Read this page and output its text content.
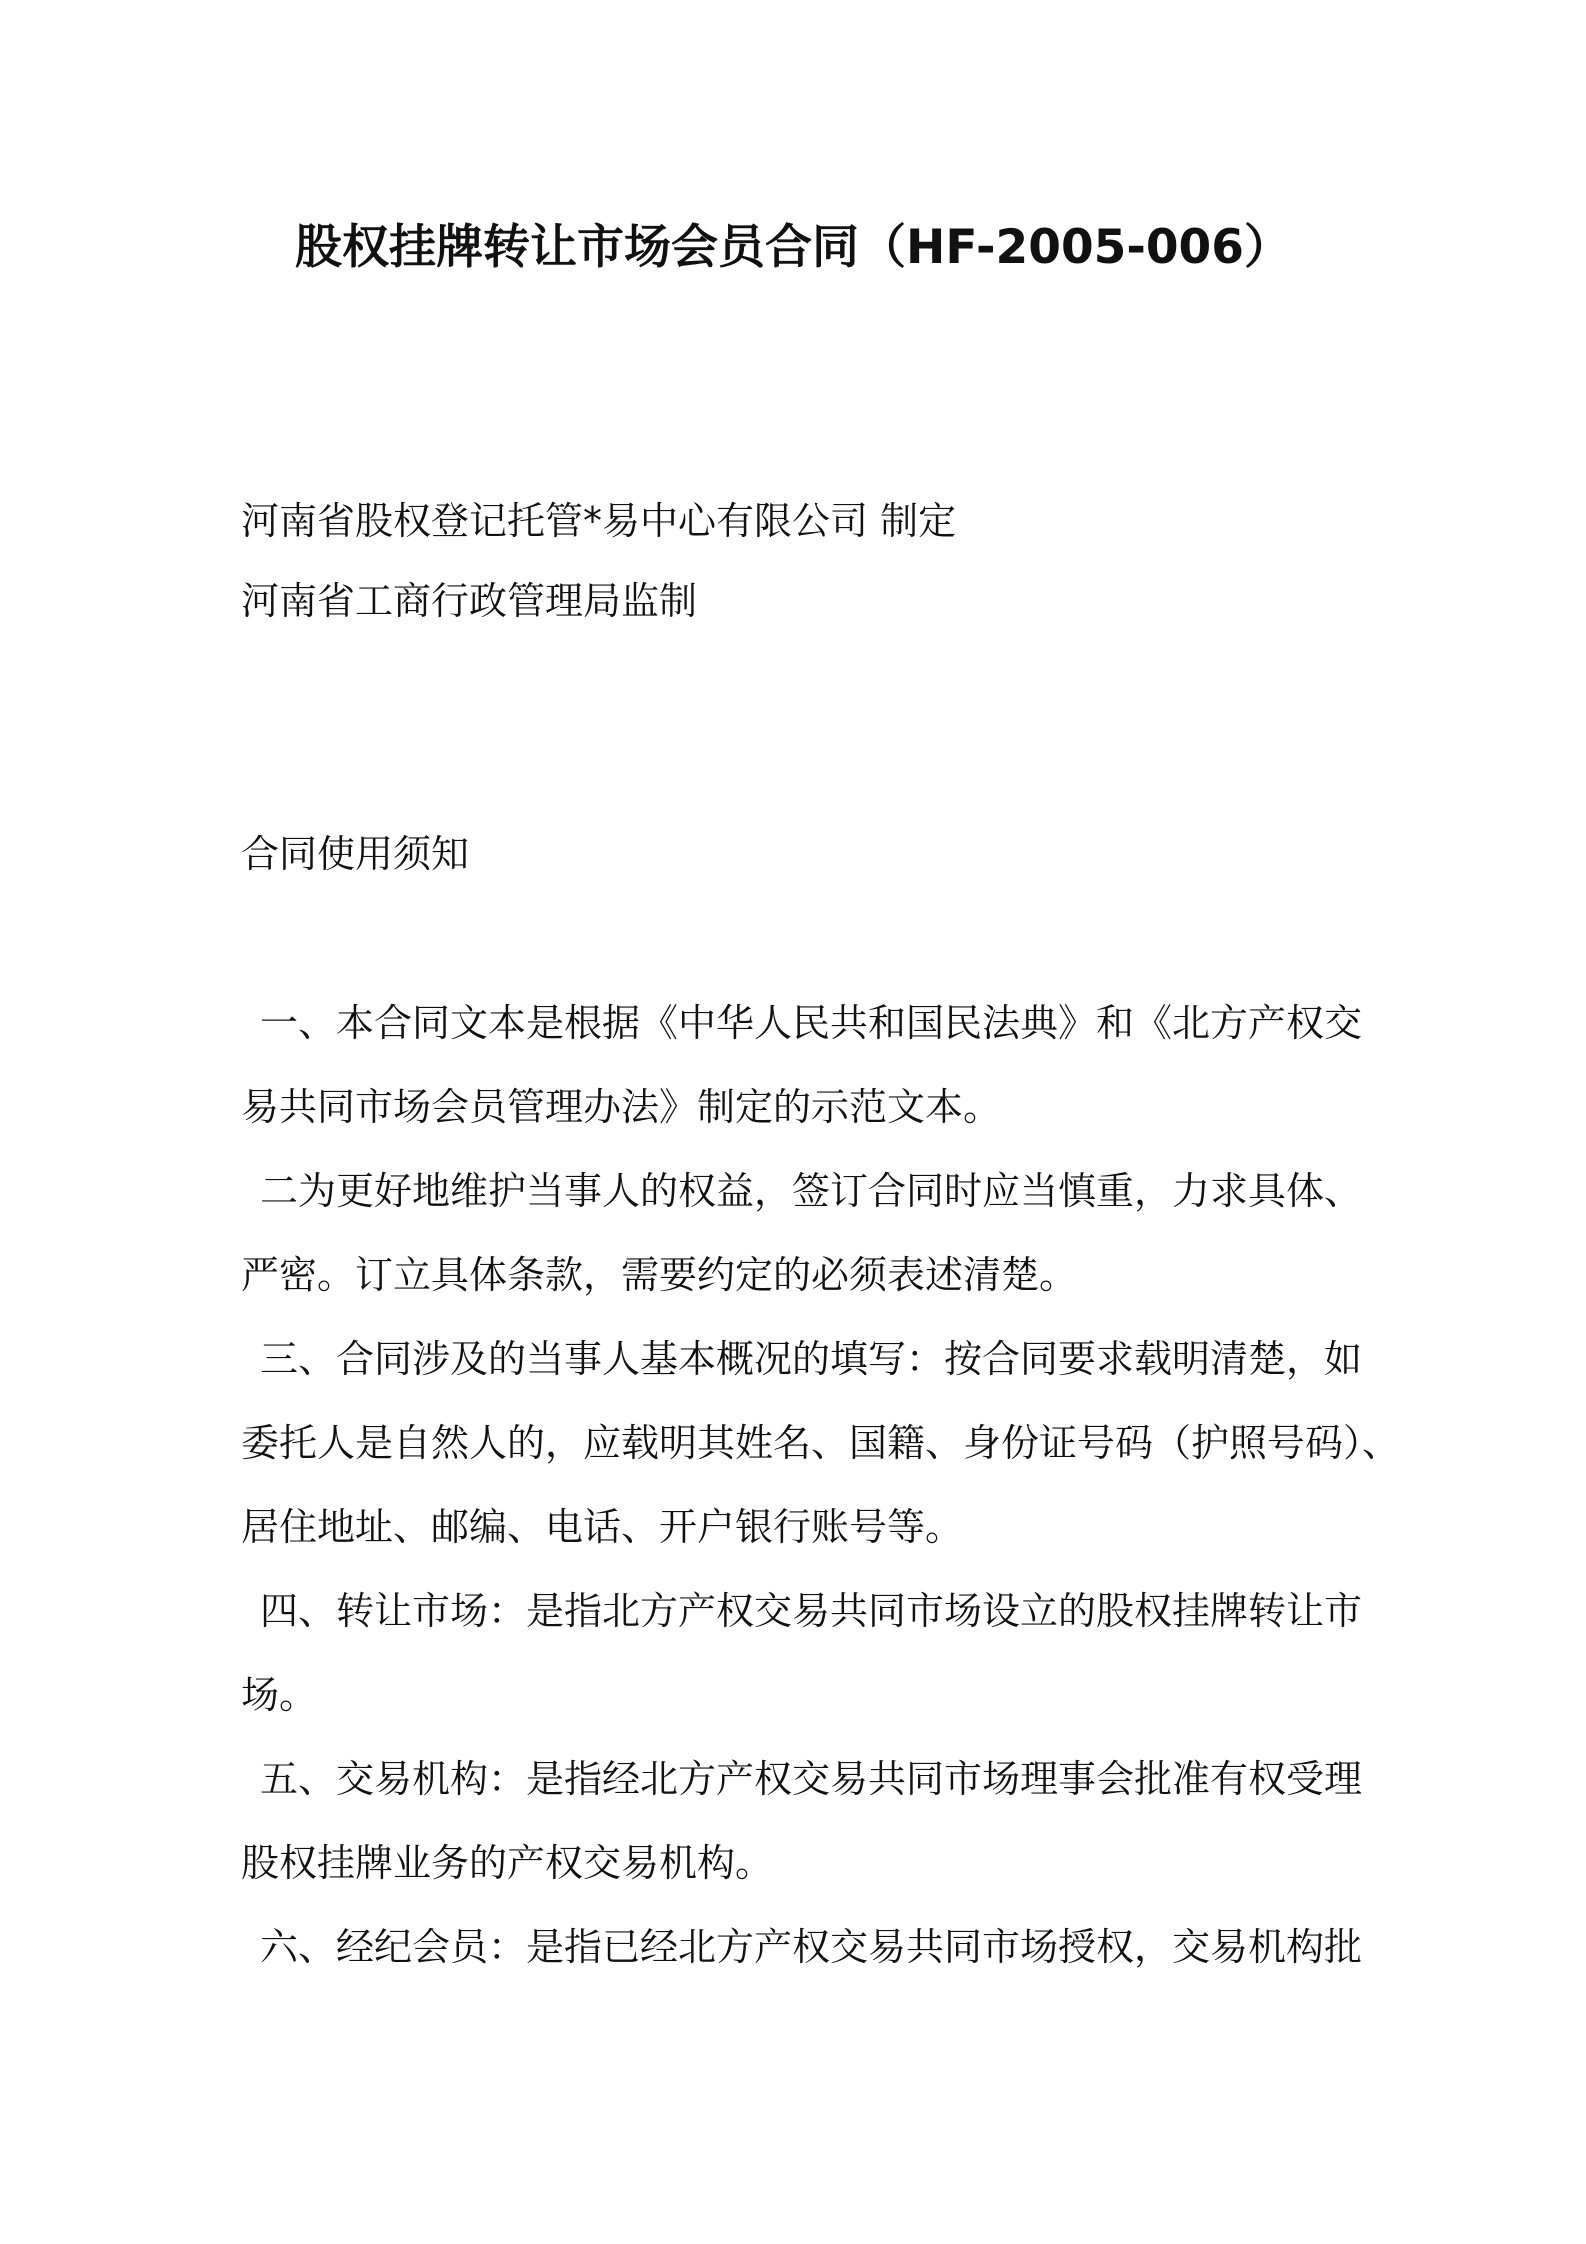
股权挂牌转让市场会员合同（HF-2005-006）

河南省股权登记托管*易中心有限公司 制定

河南省工商行政管理局监制

合同使用须知

一、本合同文本是根据《中华人民共和国民法典》和《北方产权交

易共同市场会员管理办法》制定的示范文本。

二为更好地维护当事人的权益，签订合同时应当慎重，力求具体、

严密。订立具体条款，需要约定的必须表述清楚。

三、合同涉及的当事人基本概况的填写：按合同要求载明清楚，如

委托人是自然人的，应载明其姓名、国籍、身份证号码（护照号码）、

居住地址、邮编、电话、开户银行账号等。

四、转让市场：是指北方产权交易共同市场设立的股权挂牌转让市

场。

五、交易机构：是指经北方产权交易共同市场理事会批准有权受理

股权挂牌业务的产权交易机构。

六、经纪会员：是指已经北方产权交易共同市场授权，交易机构批
